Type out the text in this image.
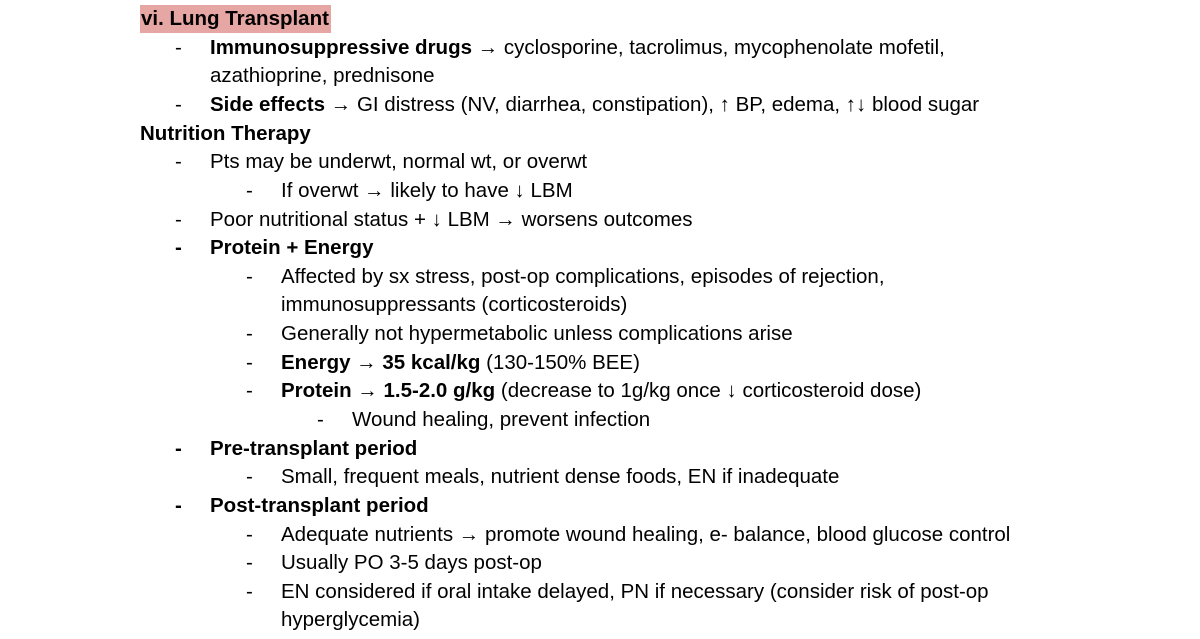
vi. Lung Transplant
-	Immunosuppressive drugs → cyclosporine, tacrolimus, mycophenolate mofetil,
azathioprine, prednisone
-	Side effects → GI distress (NV, diarrhea, constipation), ↑ BP, edema, ↑↓ blood sugar
Nutrition Therapy
-	Pts may be underwt, normal wt, or overwt
-	If overwt → likely to have ↓ LBM
-	Poor nutritional status + ↓ LBM → worsens outcomes
-	Protein + Energy
-	Affected by sx stress, post-op complications, episodes of rejection,
immunosuppressants (corticosteroids)
-	Generally not hypermetabolic unless complications arise
-	Energy → 35 kcal/kg (130-150% BEE)
-	Protein → 1.5-2.0 g/kg (decrease to 1g/kg once ↓ corticosteroid dose)
-	Wound healing, prevent infection
-	Pre-transplant period
-	Small, frequent meals, nutrient dense foods, EN if inadequate
-	Post-transplant period
-	Adequate nutrients → promote wound healing, e- balance, blood glucose control
-	Usually PO 3-5 days post-op
-	EN considered if oral intake delayed, PN if necessary (consider risk of post-op
hyperglycemia)
